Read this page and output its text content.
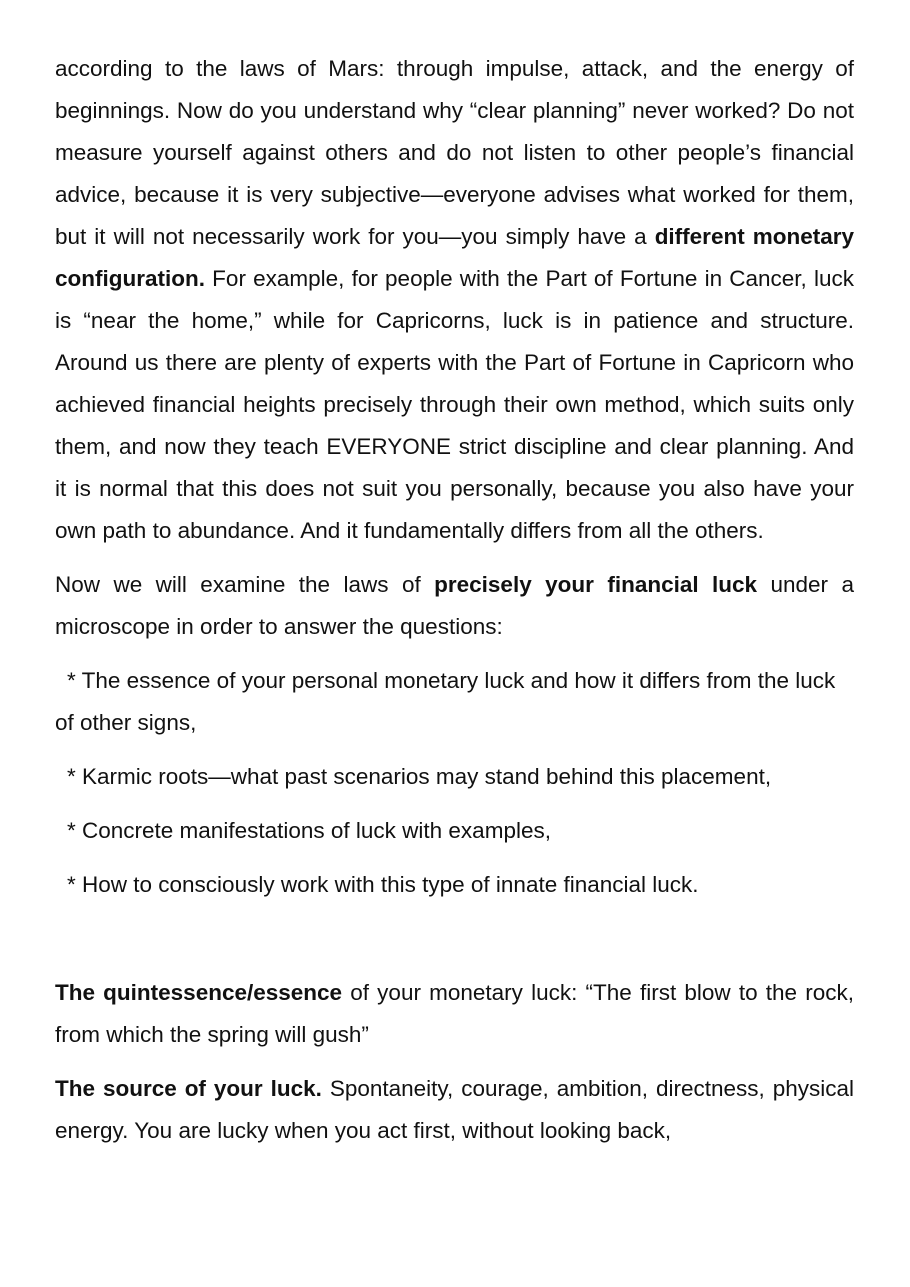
according to the laws of Mars: through impulse, attack, and the energy of beginnings. Now do you understand why “clear planning” never worked? Do not measure yourself against others and do not listen to other people’s financial advice, because it is very subjective—everyone advises what worked for them, but it will not necessarily work for you—you simply have a different monetary configuration. For example, for people with the Part of Fortune in Cancer, luck is “near the home,” while for Capricorns, luck is in patience and structure. Around us there are plenty of experts with the Part of Fortune in Capricorn who achieved financial heights precisely through their own method, which suits only them, and now they teach EVERYONE strict discipline and clear planning. And it is normal that this does not suit you personally, because you also have your own path to abundance. And it fundamentally differs from all the others.

Now we will examine the laws of precisely your financial luck under a microscope in order to answer the questions:

* The essence of your personal monetary luck and how it differs from the luck of other signs,

* Karmic roots—what past scenarios may stand behind this placement,

* Concrete manifestations of luck with examples,

* How to consciously work with this type of innate financial luck.

The quintessence/essence of your monetary luck: “The first blow to the rock, from which the spring will gush”

The source of your luck. Spontaneity, courage, ambition, directness, physical energy. You are lucky when you act first, without looking back,
